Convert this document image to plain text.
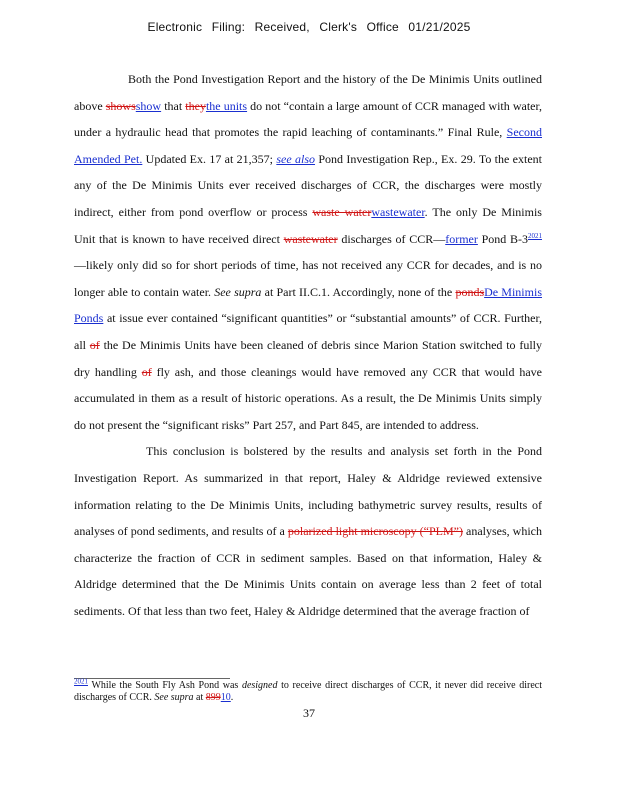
Electronic Filing: Received, Clerk's Office 01/21/2025

Both the Pond Investigation Report and the history of the De Minimis Units outlined above showsshow that theythe units do not “contain a large amount of CCR managed with water, under a hydraulic head that promotes the rapid leaching of contaminants.” Final Rule, Second Amended Pet. Updated Ex. 17 at 21,357; see also Pond Investigation Rep., Ex. 29. To the extent any of the De Minimis Units ever received discharges of CCR, the discharges were mostly indirect, either from pond overflow or process waste waterwastewater. The only De Minimis Unit that is known to have received direct wastewater discharges of CCR—former Pond $B-3^{2021}—likely$ only did so for short periods of time, has not received any CCR for decades, and is no longer able to contain water. See supra at Part II.C.1. Accordingly, none of the pondsDe Minimis Ponds at issue ever contained “significant quantities” or “substantial amounts” of CCR. Further, all of the De Minimis Units have been cleaned of debris since Marion Station switched to fully dry handling of fly ash, and those cleanings would have removed any CCR that would have accumulated in them as a result of historic operations. As a result, the De Minimis Units simply do not present the “significant risks” Part 257, and Part 845, are intended to address.

This conclusion is bolstered by the results and analysis set forth in the Pond Investigation Report. As summarized in that report, Haley & Aldridge reviewed extensive information relating to the De Minimis Units, including bathymetric survey results, results of analyses of pond sediments, and results of a polarized light microscopy (“PLM”) analyses, which characterize the fraction of CCR in sediment samples. Based on that information, Haley & Aldridge determined that the De Minimis Units contain on average less than 2 feet of total sediments. Of that less than two feet, Haley & Aldridge determined that the average fraction of

$^{2021}$ While the South Fly Ash Pond was designed to receive direct discharges of CCR, it never did receive direct discharges of CCR. See supra at 89910.
37
